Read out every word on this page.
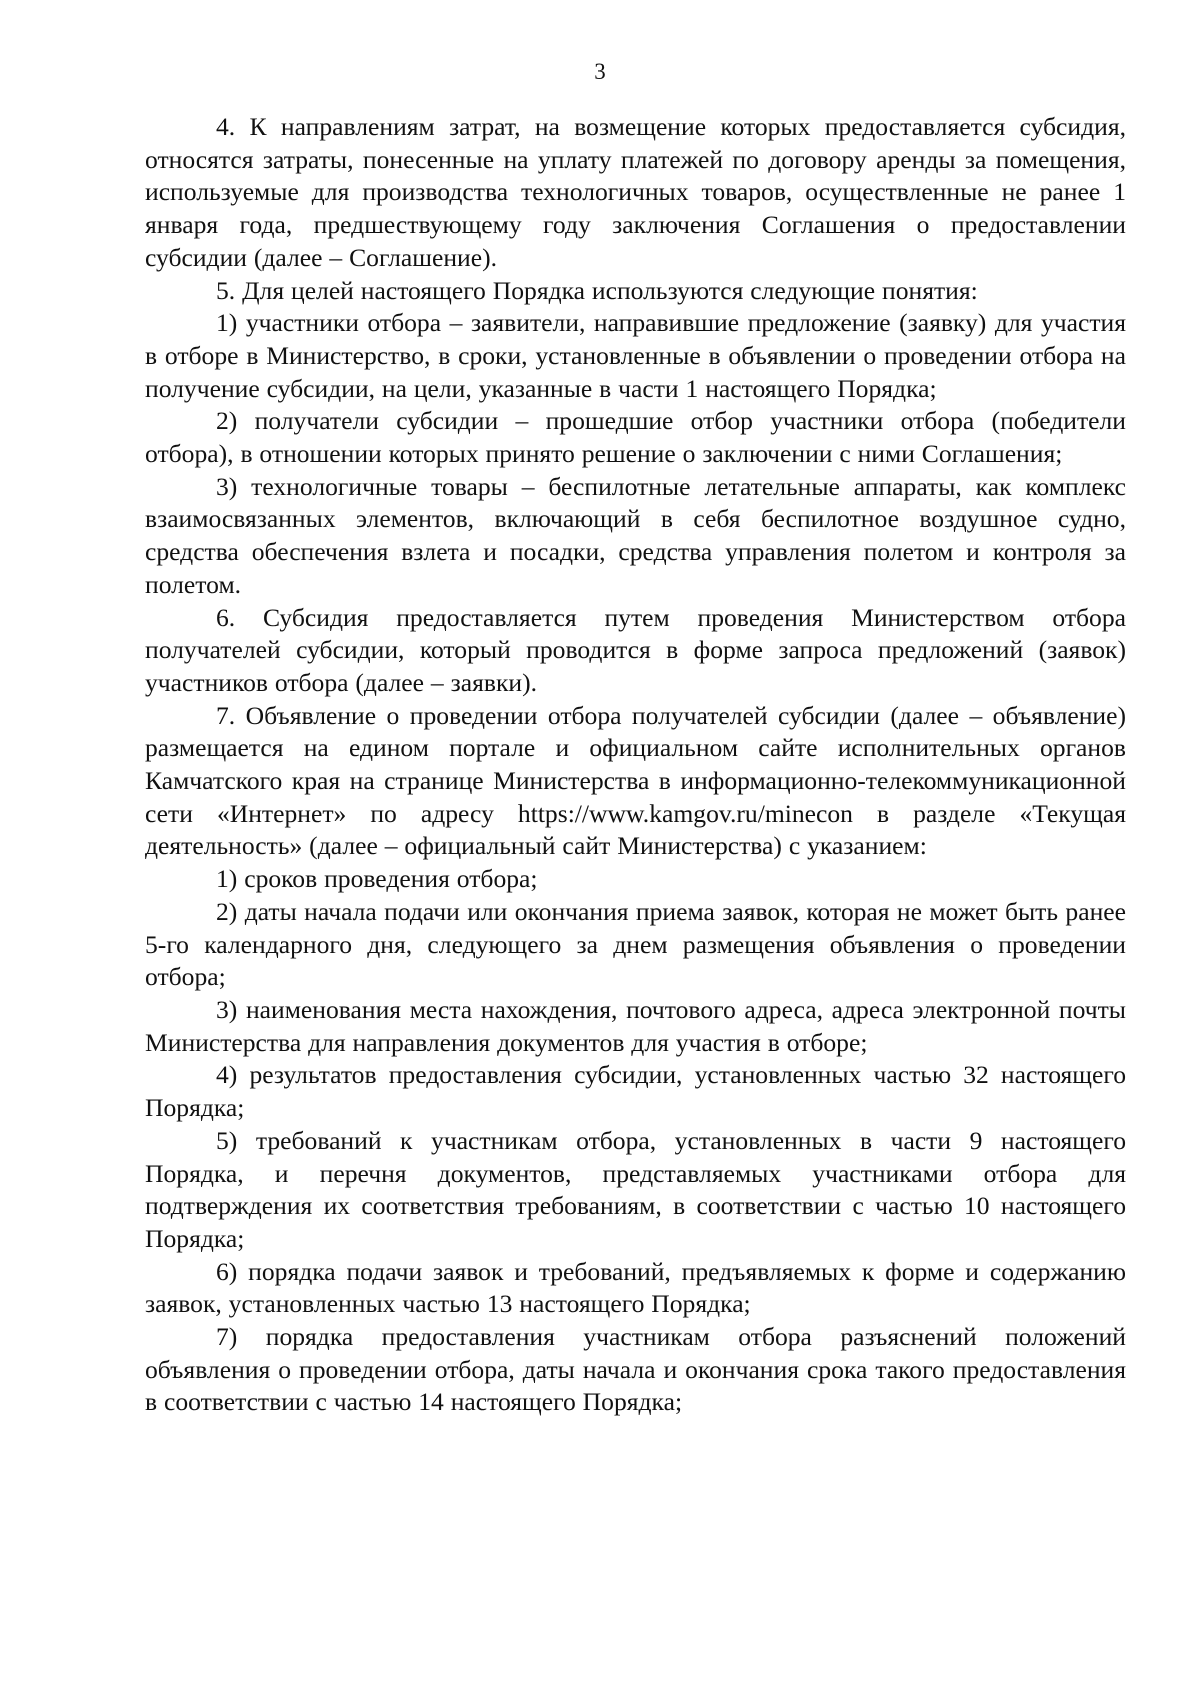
3

4. К направлениям затрат, на возмещение которых предоставляется субсидия, относятся затраты, понесенные на уплату платежей по договору аренды за помещения, используемые для производства технологичных товаров, осуществленные не ранее 1 января года, предшествующему году заключения Соглашения о предоставлении субсидии (далее – Соглашение).

5. Для целей настоящего Порядка используются следующие понятия:

1) участники отбора – заявители, направившие предложение (заявку) для участия в отборе в Министерство, в сроки, установленные в объявлении о проведении отбора на получение субсидии, на цели, указанные в части 1 настоящего Порядка;

2) получатели субсидии – прошедшие отбор участники отбора (победители отбора), в отношении которых принято решение о заключении с ними Соглашения;

3) технологичные товары – беспилотные летательные аппараты, как комплекс взаимосвязанных элементов, включающий в себя беспилотное воздушное судно, средства обеспечения взлета и посадки, средства управления полетом и контроля за полетом.

6. Субсидия предоставляется путем проведения Министерством отбора получателей субсидии, который проводится в форме запроса предложений (заявок) участников отбора (далее – заявки).

7. Объявление о проведении отбора получателей субсидии (далее – объявление) размещается на едином портале и официальном сайте исполнительных органов Камчатского края на странице Министерства в информационно-телекоммуникационной сети «Интернет» по адресу https://www.kamgov.ru/minecon в разделе «Текущая деятельность» (далее – официальный сайт Министерства) с указанием:

1) сроков проведения отбора;

2) даты начала подачи или окончания приема заявок, которая не может быть ранее 5-го календарного дня, следующего за днем размещения объявления о проведении отбора;

3) наименования места нахождения, почтового адреса, адреса электронной почты Министерства для направления документов для участия в отборе;

4) результатов предоставления субсидии, установленных частью 32 настоящего Порядка;

5) требований к участникам отбора, установленных в части 9 настоящего Порядка, и перечня документов, представляемых участниками отбора для подтверждения их соответствия требованиям, в соответствии с частью 10 настоящего Порядка;

6) порядка подачи заявок и требований, предъявляемых к форме и содержанию заявок, установленных частью 13 настоящего Порядка;

7) порядка предоставления участникам отбора разъяснений положений объявления о проведении отбора, даты начала и окончания срока такого предоставления в соответствии с частью 14 настоящего Порядка;
